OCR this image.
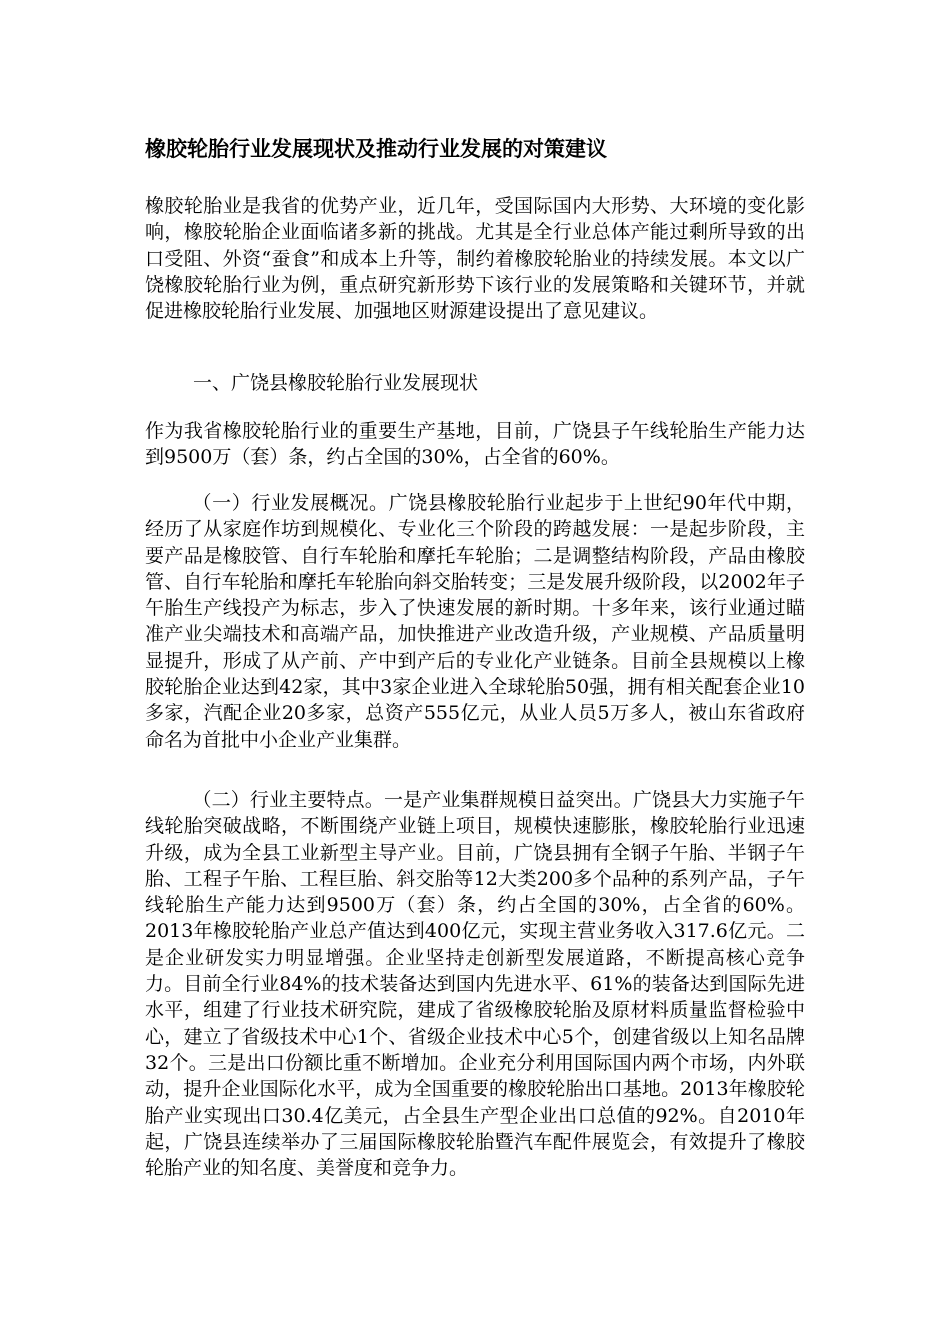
橡胶轮胎行业发展现状及推动行业发展的对策建议

橡胶轮胎业是我省的优势产业，近几年，受国际国内大形势、大环境的变化影响，橡胶轮胎企业面临诸多新的挑战。尤其是全行业总体产能过剩所导致的出口受阻、外资“蚕食”和成本上升等，制约着橡胶轮胎业的持续发展。本文以广饶橡胶轮胎行业为例，重点研究新形势下该行业的发展策略和关键环节，并就促进橡胶轮胎行业发展、加强地区财源建设提出了意见建议。

一、广饶县橡胶轮胎行业发展现状

作为我省橡胶轮胎行业的重要生产基地，目前，广饶县子午线轮胎生产能力达到9500万（套）条，约占全国的30%，占全省的60%。

（一）行业发展概况。广饶县橡胶轮胎行业起步于上世纪90年代中期，经历了从家庭作坊到规模化、专业化三个阶段的跨越发展：一是起步阶段，主要产品是橡胶管、自行车轮胎和摩托车轮胎；二是调整结构阶段，产品由橡胶管、自行车轮胎和摩托车轮胎向斜交胎转变；三是发展升级阶段，以2002年子午胎生产线投产为标志，步入了快速发展的新时期。十多年来，该行业通过瞄准产业尖端技术和高端产品，加快推进产业改造升级，产业规模、产品质量明显提升，形成了从产前、产中到产后的专业化产业链条。目前全县规模以上橡胶轮胎企业达到42家，其中3家企业进入全球轮胎50强，拥有相关配套企业10多家，汽配企业20多家，总资产555亿元，从业人员5万多人，被山东省政府命名为首批中小企业产业集群。

（二）行业主要特点。一是产业集群规模日益突出。广饶县大力实施子午线轮胎突破战略，不断围绕产业链上项目，规模快速膨胀，橡胶轮胎行业迅速升级，成为全县工业新型主导产业。目前，广饶县拥有全钢子午胎、半钢子午胎、工程子午胎、工程巨胎、斜交胎等12大类200多个品种的系列产品，子午线轮胎生产能力达到9500万（套）条，约占全国的30%，占全省的60%。2013年橡胶轮胎产业总产值达到400亿元，实现主营业务收入317.6亿元。二是企业研发实力明显增强。企业坚持走创新型发展道路，不断提高核心竞争力。目前全行业84%的技术装备达到国内先进水平、61%的装备达到国际先进水平，组建了行业技术研究院，建成了省级橡胶轮胎及原材料质量监督检验中心，建立了省级技术中心1个、省级企业技术中心5个，创建省级以上知名品牌32个。三是出口份额比重不断增加。企业充分利用国际国内两个市场，内外联动，提升企业国际化水平，成为全国重要的橡胶轮胎出口基地。2013年橡胶轮胎产业实现出口30.4亿美元，占全县生产型企业出口总值的92%。自2010年起，广饶县连续举办了三届国际橡胶轮胎暨汽车配件展览会，有效提升了橡胶轮胎产业的知名度、美誉度和竞争力。
